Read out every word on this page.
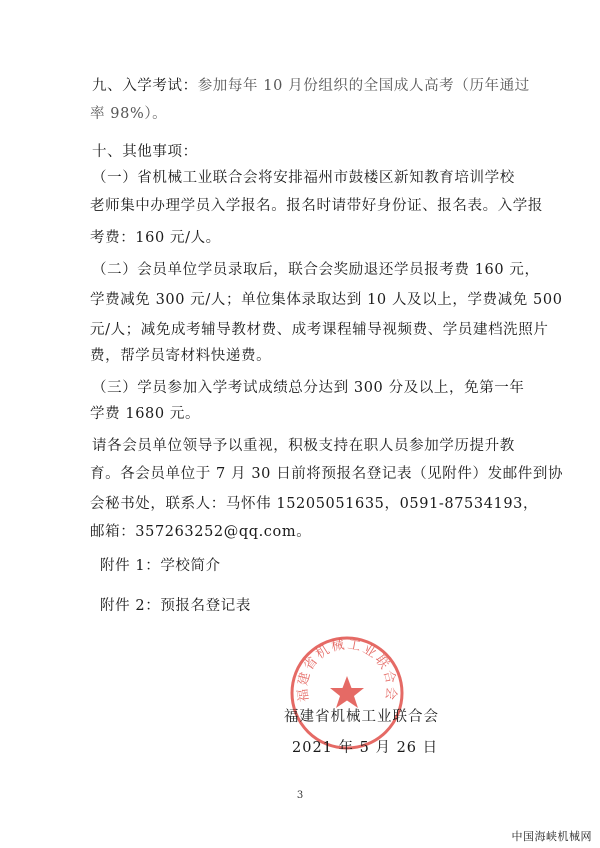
九、入学考试：参加每年 10 月份组织的全国成人高考（历年通过
率 98%）。
十、其他事项：
（一）省机械工业联合会将安排福州市鼓楼区新知教育培训学校
老师集中办理学员入学报名。报名时请带好身份证、报名表。入学报
考费：160 元/人。
（二）会员单位学员录取后，联合会奖励退还学员报考费 160 元，
学费减免 300 元/人；单位集体录取达到 10 人及以上，学费减免 500
元/人；减免成考辅导教材费、成考课程辅导视频费、学员建档洗照片
费，帮学员寄材料快递费。
（三）学员参加入学考试成绩总分达到 300 分及以上，免第一年
学费 1680 元。
请各会员单位领导予以重视，积极支持在职人员参加学历提升教
育。各会员单位于 7 月 30 日前将预报名登记表（见附件）发邮件到协
会秘书处，联系人：马怀伟 15205051635，0591-87534193，
邮箱：357263252@qq.com。
附件 1：学校简介
附件 2：预报名登记表
福建省机械工业联合会
福建省机械工业联合会
2021 年 5 月 26 日
3
中国海峡机械网
